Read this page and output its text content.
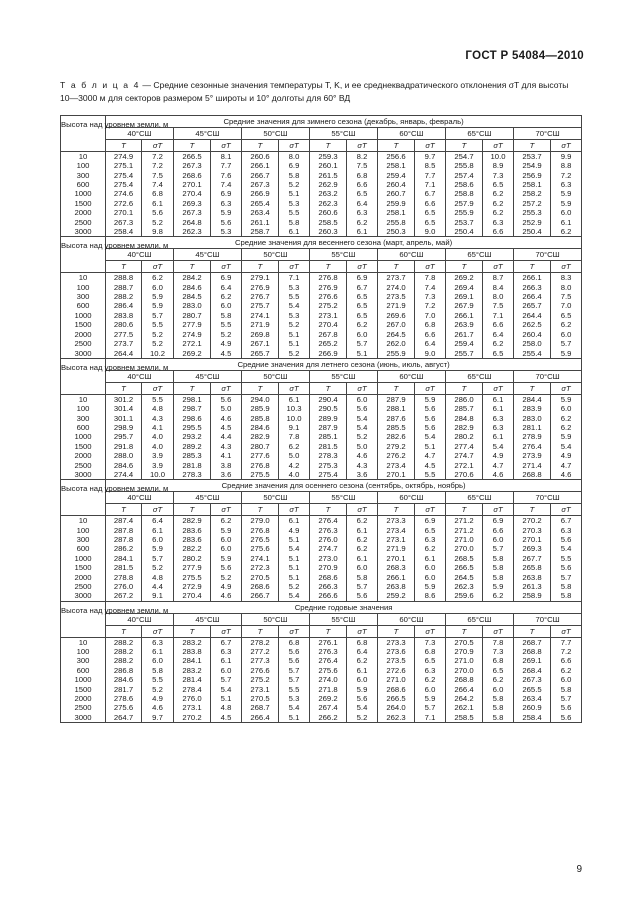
ГОСТ Р 54084—2010
Т а б л и ц а 4 — Средние сезонные значения температуры T, K, и ее среднеквадратического отклонения σT для высоты 10—3000 м для секторов размером 5° широты и 10° долготы для 60° ВД
Высота над уровнем земли, м	Средние значения для зимнего сезона (декабрь, январь, февраль)													
	40°СШ		45°СШ		50°СШ		55°СШ		60°СШ		65°СШ		70°СШ	
	T	σT	T	σT	T	σT	T	σT	T	σT	T	σT	T	σT
10	274.9	7.2	266.5	8.1	260.6	8.0	259.3	8.2	256.6	9.7	254.7	10.0	253.7	9.9
100	275.1	7.2	267.3	7.7	266.1	6.9	260.1	7.5	258.1	8.5	255.8	8.9	254.9	8.8
300	275.4	7.5	268.6	7.6	266.7	5.8	261.5	6.8	259.4	7.7	257.4	7.3	256.9	7.2
600	275.4	7.4	270.1	7.4	267.3	5.2	262.9	6.6	260.4	7.1	258.6	6.5	258.1	6.3
1000	274.6	6.8	270.4	6.9	266.9	5.1	263.2	6.5	260.7	6.7	258.8	6.2	258.2	5.9
1500	272.6	6.1	269.3	6.3	265.4	5.3	262.3	6.4	259.9	6.6	257.9	6.2	257.2	5.9
2000	270.1	5.6	267.3	5.9	263.4	5.5	260.6	6.3	258.1	6.5	255.9	6.2	255.3	6.0
2500	267.3	5.2	264.8	5.6	261.1	5.8	258.5	6.2	255.8	6.5	253.7	6.3	252.9	6.1
3000	258.4	9.8	262.3	5.3	258.7	6.1	260.3	6.1	250.3	9.0	250.4	6.6	250.4	6.2
Высота над уровнем земли, м	Средние значения для весеннего сезона (март, апрель, май)													
	40°СШ		45°СШ		50°СШ		55°СШ		60°СШ		65°СШ		70°СШ	
	T	σT	T	σT	T	σT	T	σT	T	σT	T	σT	T	σT
10	288.8	6.2	284.2	6.9	279.1	7.1	276.8	6.9	273.7	7.8	269.2	8.7	266.1	8.3
100	288.7	6.0	284.6	6.4	276.9	5.3	276.9	6.7	274.0	7.4	269.4	8.4	266.3	8.0
300	288.2	5.9	284.5	6.2	276.7	5.5	276.6	6.5	273.5	7.3	269.1	8.0	266.4	7.5
600	286.4	5.9	283.0	6.0	275.7	5.4	275.2	6.5	271.9	7.2	267.9	7.5	265.7	7.0
1000	283.8	5.7	280.7	5.8	274.1	5.3	273.1	6.5	269.6	7.0	266.1	7.1	264.4	6.5
1500	280.6	5.5	277.9	5.5	271.9	5.2	270.4	6.2	267.0	6.8	263.9	6.6	262.5	6.2
2000	277.5	5.2	274.9	5.2	269.8	5.1	267.8	6.0	264.5	6.6	261.7	6.4	260.4	6.0
2500	273.7	5.2	272.1	4.9	267.1	5.1	265.2	5.7	262.0	6.4	259.4	6.2	258.0	5.7
3000	264.4	10.2	269.2	4.5	265.7	5.2	266.9	5.1	255.9	9.0	255.7	6.5	255.4	5.9
Высота над уровнем земли, м	Средние значения для летнего сезона (июнь, июль, август)													
	40°СШ		45°СШ		50°СШ		55°СШ		60°СШ		65°СШ		70°СШ	
	T	σT	T	σT	T	σT	T	σT	T	σT	T	σT	T	σT
10	301.2	5.5	298.1	5.6	294.0	6.1	290.4	6.0	287.9	5.9	286.0	6.1	284.4	5.9
100	301.4	4.8	298.7	5.0	285.9	10.3	290.5	5.6	288.1	5.6	285.7	6.1	283.9	6.0
300	301.1	4.3	298.6	4.6	285.8	10.0	289.9	5.4	287.6	5.6	284.8	6.3	283.0	6.2
600	298.9	4.1	295.5	4.5	284.6	9.1	287.9	5.4	285.5	5.6	282.9	6.3	281.1	6.2
1000	295.7	4.0	293.2	4.4	282.9	7.8	285.1	5.2	282.6	5.4	280.2	6.1	278.9	5.9
1500	291.8	4.0	289.2	4.3	280.7	6.2	281.5	5.0	279.2	5.1	277.4	5.4	276.4	5.4
2000	288.0	3.9	285.3	4.1	277.6	5.0	278.3	4.6	276.2	4.7	274.7	4.9	273.9	4.9
2500	284.6	3.9	281.8	3.8	276.8	4.2	275.3	4.3	273.4	4.5	272.1	4.7	271.4	4.7
3000	274.4	10.0	278.3	3.6	275.5	4.0	275.4	3.6	270.1	5.5	270.6	4.6	268.8	4.6
Высота над уровнем земли, м	Средние значения для осеннего сезона (сентябрь, октябрь, ноябрь)													
	40°СШ		45°СШ		50°СШ		55°СШ		60°СШ		65°СШ		70°СШ	
	T	σT	T	σT	T	σT	T	σT	T	σT	T	σT	T	σT
10	287.4	6.4	282.9	6.2	279.0	6.1	276.4	6.2	273.3	6.9	271.2	6.9	270.2	6.7
100	287.8	6.1	283.6	5.9	276.8	4.9	276.3	6.1	273.4	6.5	271.2	6.6	270.3	6.3
300	287.8	6.0	283.6	6.0	276.5	5.1	276.0	6.2	273.1	6.3	271.0	6.0	270.1	5.6
600	286.2	5.9	282.2	6.0	275.6	5.4	274.7	6.2	271.9	6.2	270.0	5.7	269.3	5.4
1000	284.1	5.7	280.2	5.9	274.1	5.1	273.0	6.1	270.1	6.1	268.5	5.8	267.7	5.5
1500	281.5	5.2	277.9	5.6	272.3	5.1	270.9	6.0	268.3	6.0	266.5	5.8	265.8	5.6
2000	278.8	4.8	275.5	5.2	270.5	5.1	268.6	5.8	266.1	6.0	264.5	5.8	263.8	5.7
2500	276.0	4.4	272.9	4.9	268.6	5.2	266.3	5.7	263.8	5.9	262.3	5.9	261.3	5.8
3000	267.2	9.1	270.4	4.6	266.7	5.4	266.6	5.6	259.2	8.6	259.6	6.2	258.9	5.8
Высота над уровнем земли, м	Средние годовые значения													
	40°СШ		45°СШ		50°СШ		55°СШ		60°СШ		65°СШ		70°СШ	
	T	σT	T	σT	T	σT	T	σT	T	σT	T	σT	T	σT
10	288.2	6.3	283.2	6.7	278.2	6.8	276.1	6.8	273.3	7.3	270.5	7.8	268.7	7.7
100	288.2	6.1	283.8	6.3	277.2	5.6	276.3	6.4	273.6	6.8	270.9	7.3	268.8	7.2
300	288.2	6.0	284.1	6.1	277.3	5.6	276.4	6.2	273.5	6.5	271.0	6.8	269.1	6.6
600	286.8	5.8	283.2	6.0	276.6	5.7	275.6	6.1	272.6	6.3	270.0	6.5	268.4	6.2
1000	284.6	5.5	281.4	5.7	275.2	5.7	274.0	6.0	271.0	6.2	268.8	6.2	267.3	6.0
1500	281.7	5.2	278.4	5.4	273.1	5.5	271.8	5.9	268.6	6.0	266.4	6.0	265.5	5.8
2000	278.6	4.9	276.0	5.1	270.5	5.3	269.2	5.6	266.5	5.9	264.2	5.8	263.4	5.7
2500	275.6	4.6	273.1	4.8	268.7	5.4	267.4	5.4	264.0	5.7	262.1	5.8	260.9	5.6
3000	264.7	9.7	270.2	4.5	266.4	5.1	266.2	5.2	262.3	7.1	258.5	5.8	258.4	5.6
9
